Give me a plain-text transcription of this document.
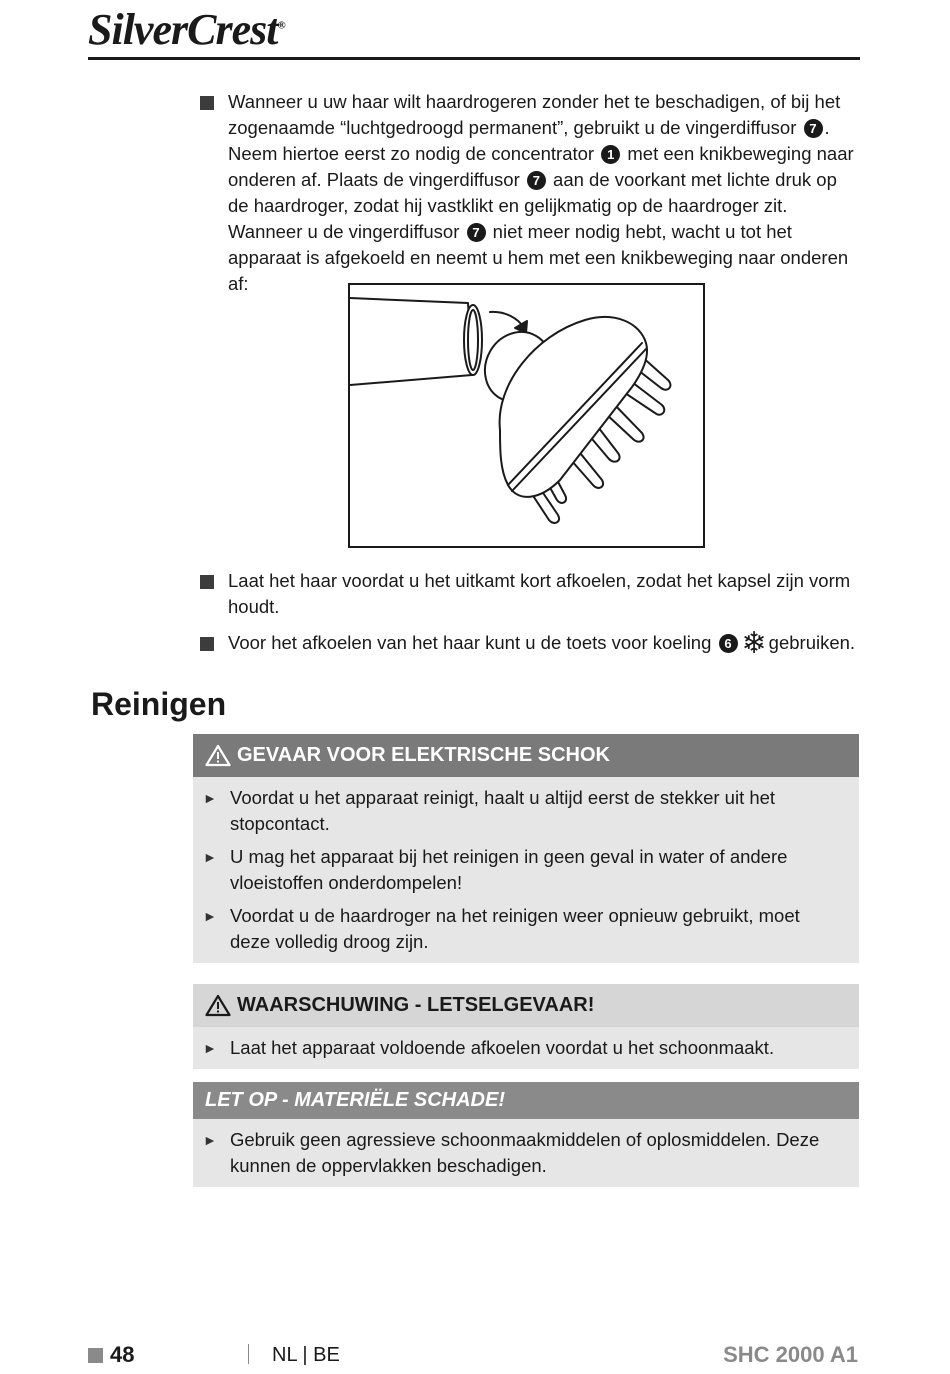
SilverCrest®
Wanneer u uw haar wilt haardrogeren zonder het te beschadigen, of bij het zogenaamde “luchtgedroogd permanent”, gebruikt u de vingerdiffusor 7 . Neem hiertoe eerst zo nodig de concentrator 1 met een knikbeweging naar onderen af. Plaats de vingerdiffusor 7 aan de voorkant met lichte druk op de haardroger, zodat hij vastklikt en gelijkmatig op de haardroger zit. Wanneer u de vingerdiffusor 7 niet meer nodig hebt, wacht u tot het apparaat is afgekoeld en neemt u hem met een knikbeweging naar onderen af:
Laat het haar voordat u het uitkamt kort afkoelen, zodat het kapsel zijn vorm houdt.
Voor het afkoelen van het haar kunt u de toets voor koeling 6 ❄ gebruiken.
Reinigen
GEVAAR VOOR ELEKTRISCHE SCHOK
► Voordat u het apparaat reinigt, haalt u altijd eerst de stekker uit het stopcontact.
► U mag het apparaat bij het reinigen in geen geval in water of andere vloeistoffen onderdompelen!
► Voordat u de haardroger na het reinigen weer opnieuw gebruikt, moet deze volledig droog zijn.
WAARSCHUWING - LETSELGEVAAR!
► Laat het apparaat voldoende afkoelen voordat u het schoonmaakt.
LET OP - MATERIËLE SCHADE!
► Gebruik geen agressieve schoonmaakmiddelen of oplosmiddelen. Deze kunnen de oppervlakken beschadigen.
48	NL | BE	SHC 2000 A1
